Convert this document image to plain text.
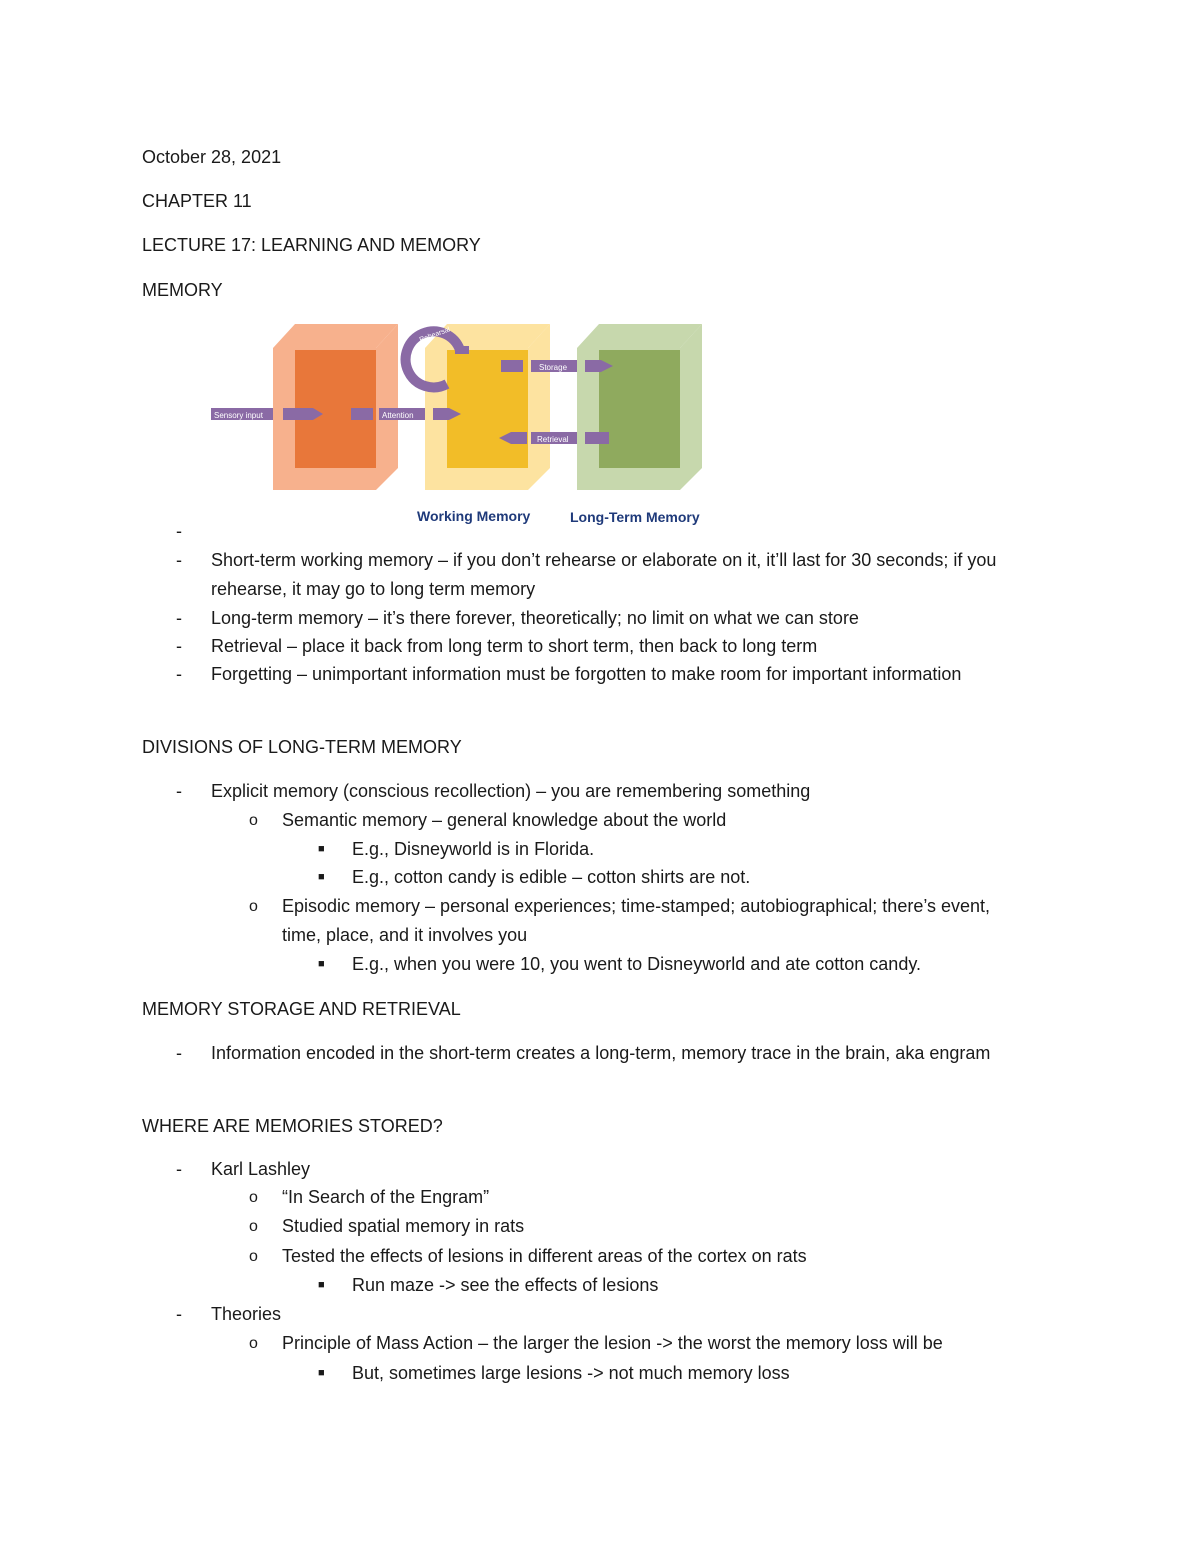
October 28, 2021
CHAPTER 11
LECTURE 17: LEARNING AND MEMORY
MEMORY
Rehearsal
Sensory input	Attention
Storage
Retrieval
Working Memory	Long-Term Memory
-
- Short-term working memory – if you don’t rehearse or elaborate on it, it’ll last for 30 seconds; if you rehearse, it may go to long term memory
- Long-term memory – it’s there forever, theoretically; no limit on what we can store
- Retrieval – place it back from long term to short term, then back to long term
- Forgetting – unimportant information must be forgotten to make room for important information
DIVISIONS OF LONG-TERM MEMORY
- Explicit memory (conscious recollection) – you are remembering something
o Semantic memory – general knowledge about the world
■ E.g., Disneyworld is in Florida.
■ E.g., cotton candy is edible – cotton shirts are not.
o Episodic memory – personal experiences; time-stamped; autobiographical; there’s event, time, place, and it involves you
■ E.g., when you were 10, you went to Disneyworld and ate cotton candy.
MEMORY STORAGE AND RETRIEVAL
- Information encoded in the short-term creates a long-term, memory trace in the brain, aka engram
WHERE ARE MEMORIES STORED?
- Karl Lashley
o “In Search of the Engram”
o Studied spatial memory in rats
o Tested the effects of lesions in different areas of the cortex on rats
■ Run maze -> see the effects of lesions
- Theories
o Principle of Mass Action – the larger the lesion -> the worst the memory loss will be
■ But, sometimes large lesions -> not much memory loss
